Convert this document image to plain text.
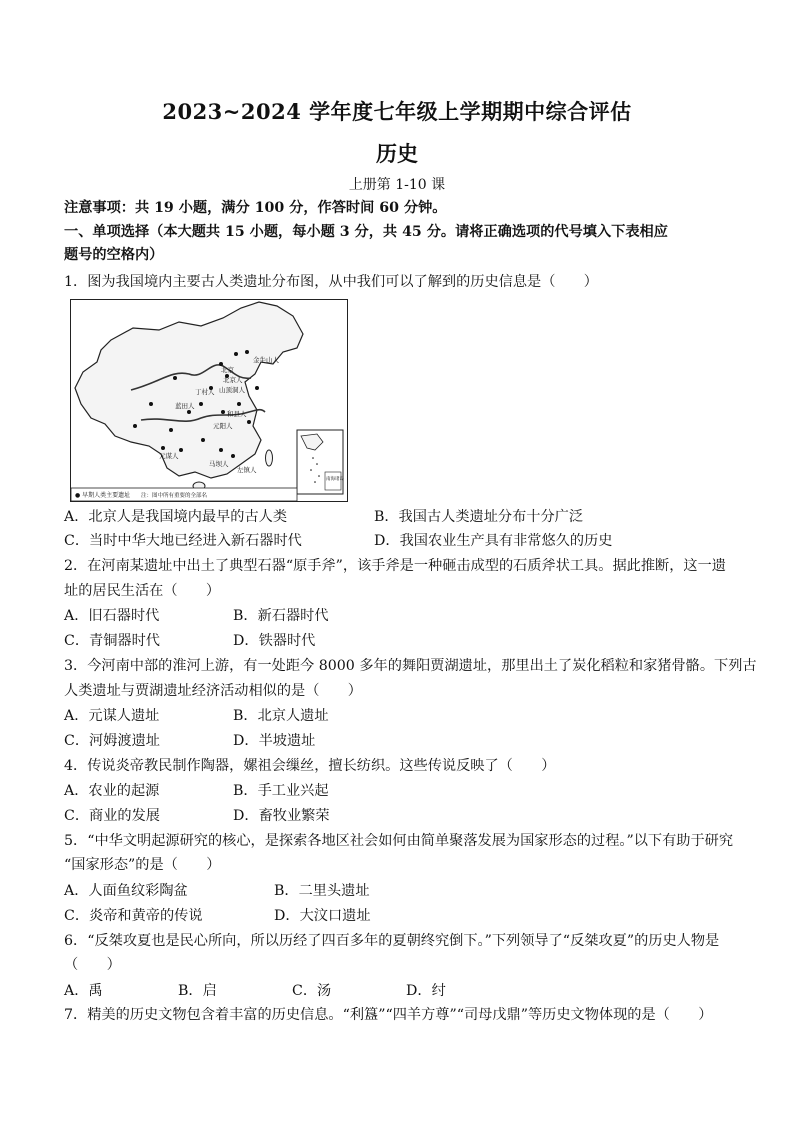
2023~2024 学年度七年级上学期期中综合评估
历史
上册第 1-10 课
注意事项：共 19 小题，满分 100 分，作答时间 60 分钟。
一、单项选择（本大题共 15 小题，每小题 3 分，共 45 分。请将正确选项的代号填入下表相应
题号的空格内）
1．图为我国境内主要古人类遗址分布图，从中我们可以了解到的历史信息是（　　）
金牛山人
北京
北京人
丁村人 山顶洞人
蓝田人
和县人
元阳人
元谋人
马坝人
左镇人
南海诸岛
● 早期人类主要遗址 注：图中所有重要的全部名
A．北京人是我国境内最早的古人类	B．我国古人类遗址分布十分广泛
C．当时中华大地已经进入新石器时代	D．我国农业生产具有非常悠久的历史
2．在河南某遗址中出土了典型石器“原手斧”，该手斧是一种砸击成型的石质斧状工具。据此推断，这一遗
址的居民生活在（　　）
A．旧石器时代	B．新石器时代
C．青铜器时代	D．铁器时代
3．今河南中部的淮河上游，有一处距今 8000 多年的舞阳贾湖遗址，那里出土了炭化稻粒和家猪骨骼。下列古
人类遗址与贾湖遗址经济活动相似的是（　　）
A．元谋人遗址	B．北京人遗址
C．河姆渡遗址	D．半坡遗址
4．传说炎帝教民制作陶器，嫘祖会缫丝，擅长纺织。这些传说反映了（　　）
A．农业的起源	B．手工业兴起
C．商业的发展	D．畜牧业繁荣
5．“中华文明起源研究的核心，是探索各地区社会如何由简单聚落发展为国家形态的过程。”以下有助于研究
“国家形态”的是（　　）
A．人面鱼纹彩陶盆	B．二里头遗址
C．炎帝和黄帝的传说	D．大汶口遗址
6．“反桀攻夏也是民心所向，所以历经了四百多年的夏朝终究倒下。”下列领导了“反桀攻夏”的历史人物是
（　　）
A．禹	B．启	C．汤	D．纣
7．精美的历史文物包含着丰富的历史信息。“利簋”“四羊方尊”“司母戊鼎”等历史文物体现的是（　　）
